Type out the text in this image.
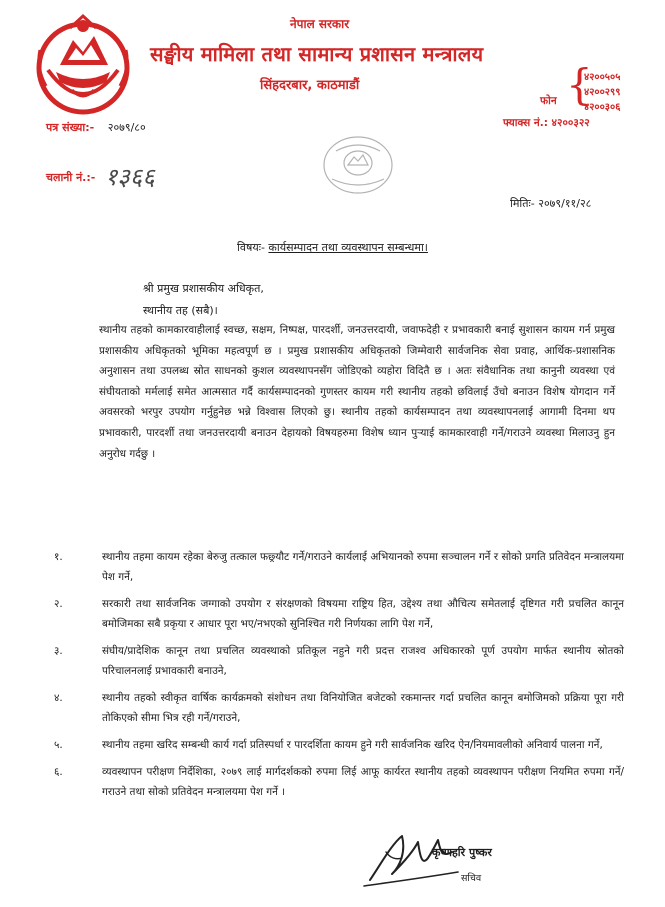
नेपाल सरकार
सङ्घीय मामिला तथा सामान्य प्रशासन मन्त्रालय
सिंहदरबार, काठमाडौं
फोन {
४२००५०५
४२००२९९
४२००३०६
फ्याक्स नं.: ४२००३२२
पत्र संख्या:- २०७९/८०
चलानी नं.:- १३६६
मितिः- २०७९/११/२८
विषयः- कार्यसम्पादन तथा व्यवस्थापन सम्बन्धमा।
श्री प्रमुख प्रशासकीय अधिकृत,
स्थानीय तह (सबै)।
स्थानीय तहको कामकारवाहीलाई स्वच्छ, सक्षम, निष्पक्ष, पारदर्शी, जनउत्तरदायी, जवाफदेही र प्रभावकारी बनाई सुशासन कायम गर्न प्रमुख प्रशासकीय अधिकृतको भूमिका महत्वपूर्ण छ । प्रमुख प्रशासकीय अधिकृतको जिम्मेवारी सार्वजनिक सेवा प्रवाह, आर्थिक-प्रशासनिक अनुशासन तथा उपलब्ध स्रोत साधनको कुशल व्यवस्थापनसँग जोडिएको व्यहोरा विदितै छ । अतः संवैधानिक तथा कानुनी व्यवस्था एवं संघीयताको मर्मलाई समेत आत्मसात गर्दै कार्यसम्पादनको गुणस्तर कायम गरी स्थानीय तहको छविलाई उँचो बनाउन विशेष योगदान गर्ने अवसरको भरपुर उपयोग गर्नुहुनेछ भन्ने विश्वास लिएको छु। स्थानीय तहको कार्यसम्पादन तथा व्यवस्थापनलाई आगामी दिनमा थप प्रभावकारी, पारदर्शी तथा जनउत्तरदायी बनाउन देहायको विषयहरुमा विशेष ध्यान पुऱ्याई कामकारवाही गर्ने/गराउने व्यवस्था मिलाउनु हुन अनुरोध गर्दछु ।
१.	स्थानीय तहमा कायम रहेका बेरुजु तत्काल फछ्र्यौट गर्ने/गराउने कार्यलाई अभियानको रुपमा सञ्चालन गर्ने र सोको प्रगति प्रतिवेदन मन्त्रालयमा पेश गर्ने,
२.	सरकारी तथा सार्वजनिक जग्गाको उपयोग र संरक्षणको विषयमा राष्ट्रिय हित, उद्देश्य तथा औचित्य समेतलाई दृष्टिगत गरी प्रचलित कानून बमोजिमका सबै प्रकृया र आधार पूरा भए/नभएको सुनिश्चित गरी निर्णयका लागि पेश गर्ने,
३.	संघीय/प्रादेशिक कानून तथा प्रचलित व्यवस्थाको प्रतिकूल नहुने गरी प्रदत्त राजश्व अधिकारको पूर्ण उपयोग मार्फत स्थानीय स्रोतको परिचालनलाई प्रभावकारी बनाउने,
४.	स्थानीय तहको स्वीकृत वार्षिक कार्यक्रमको संशोधन तथा विनियोजित बजेटको रकमान्तर गर्दा प्रचलित कानून बमोजिमको प्रक्रिया पूरा गरी तोकिएको सीमा भित्र रही गर्ने/गराउने,
५.	स्थानीय तहमा खरिद सम्बन्धी कार्य गर्दा प्रतिस्पर्धा र पारदर्शिता कायम हुने गरी सार्वजनिक खरिद ऐन/नियमावलीको अनिवार्य पालना गर्ने,
६.	व्यवस्थापन परीक्षण निर्देशिका, २०७९ लाई मार्गदर्शकको रुपमा लिई आफू कार्यरत स्थानीय तहको व्यवस्थापन परीक्षण नियमित रुपमा गर्ने/गराउने तथा सोको प्रतिवेदन मन्त्रालयमा पेश गर्ने ।
कृष्णहरि पुष्कर
सचिव
